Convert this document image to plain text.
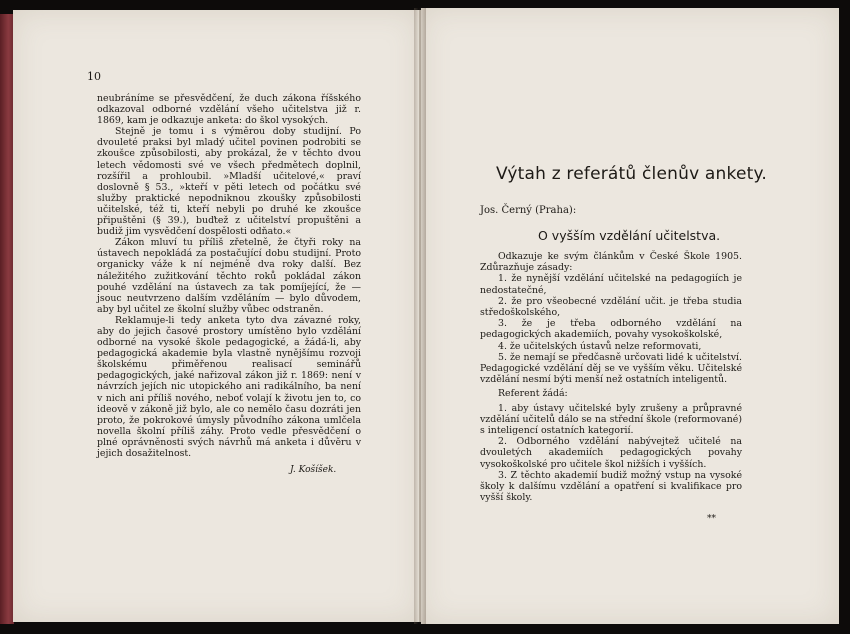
10

neubráníme se přesvědčení, že duch zákona říšského odkazoval odborné vzdělání všeho učitelstva již r. 1869, kam je odkazuje anketa: do škol vysokých.

Stejně je tomu i s výměrou doby studijní. Po dvouleté praksi byl mladý učitel povinen podrobiti se zkoušce způsobilosti, aby prokázal, že v těchto dvou letech vědomosti své ve všech předmětech doplnil, rozšířil a prohloubil. »Mladší učitelové,« praví doslovně § 53., »kteří v pěti letech od počátku své služby praktické nepodniknou zkoušky způsobilosti učitelské, též ti, kteří nebyli po druhé ke zkoušce připuštěni (§ 39.), buďtež z učitelství propuštěni a budiž jim vysvědčení dospělosti odňato.«

Zákon mluví tu příliš zřetelně, že čtyři roky na ústavech nepokládá za postačující dobu studijní. Proto organicky váže k ní nejméně dva roky další. Bez náležitého zužitkování těchto roků pokládal zákon pouhé vzdělání na ústavech za tak pomíjející, že — jsouc neutvrzeno dalším vzděláním — bylo důvodem, aby byl učitel ze školní služby vůbec odstraněn.

Reklamuje-li tedy anketa tyto dva závazné roky, aby do jejich časové prostory umístěno bylo vzdělání odborné na vysoké škole pedagogické, a žádá-li, aby pedagogická akademie byla vlastně nynějšímu rozvoji školskému přiměřenou realisací seminářů pedagogických, jaké nařizoval zákon již r. 1869: není v návrzích jejích nic utopického ani radikálního, ba není v nich ani příliš nového, neboť volají k životu jen to, co ideově v zákoně již bylo, ale co nemělo času dozráti jen proto, že pokrokové úmysly původního zákona umlčela novella školní příliš záhy. Proto vedle přesvědčení o plné oprávněnosti svých návrhů má anketa i důvěru v jejich dosažitelnost.

J. Košíšek.
Výtah z referátů členův ankety.
Jos. Černý (Praha):
O vyšším vzdělání učitelstva.

Odkazuje ke svým článkům v České Škole 1905. Zdůrazňuje zásady:

1. že nynější vzdělání učitelské na pedagogiích je nedostatečné,

2. že pro všeobecné vzdělání učit. je třeba studia středoškolského,

3. že je třeba odborného vzdělání na pedagogických akademiích, povahy vysokoškolské,

4. že učitelských ústavů nelze reformovati,

5. že nemají se předčasně určovati lidé k učitelství. Pedagogické vzdělání děj se ve vyšším věku. Učitelské vzdělání nesmí býti menší než ostatních inteligentů.

Referent žádá:

1. aby ústavy učitelské byly zrušeny a průpravné vzdělání učitelů dálo se na střední škole (reformované) s inteligencí ostatních kategorií.

2. Odborného vzdělání nabývejtež učitelé na dvouletých akademiích pedagogických povahy vysokoškolské pro učitele škol nižších i vyšších.

3. Z těchto akademií budiž možný vstup na vysoké školy k dalšímu vzdělání a opatření si kvalifikace pro vyšší školy.

**
